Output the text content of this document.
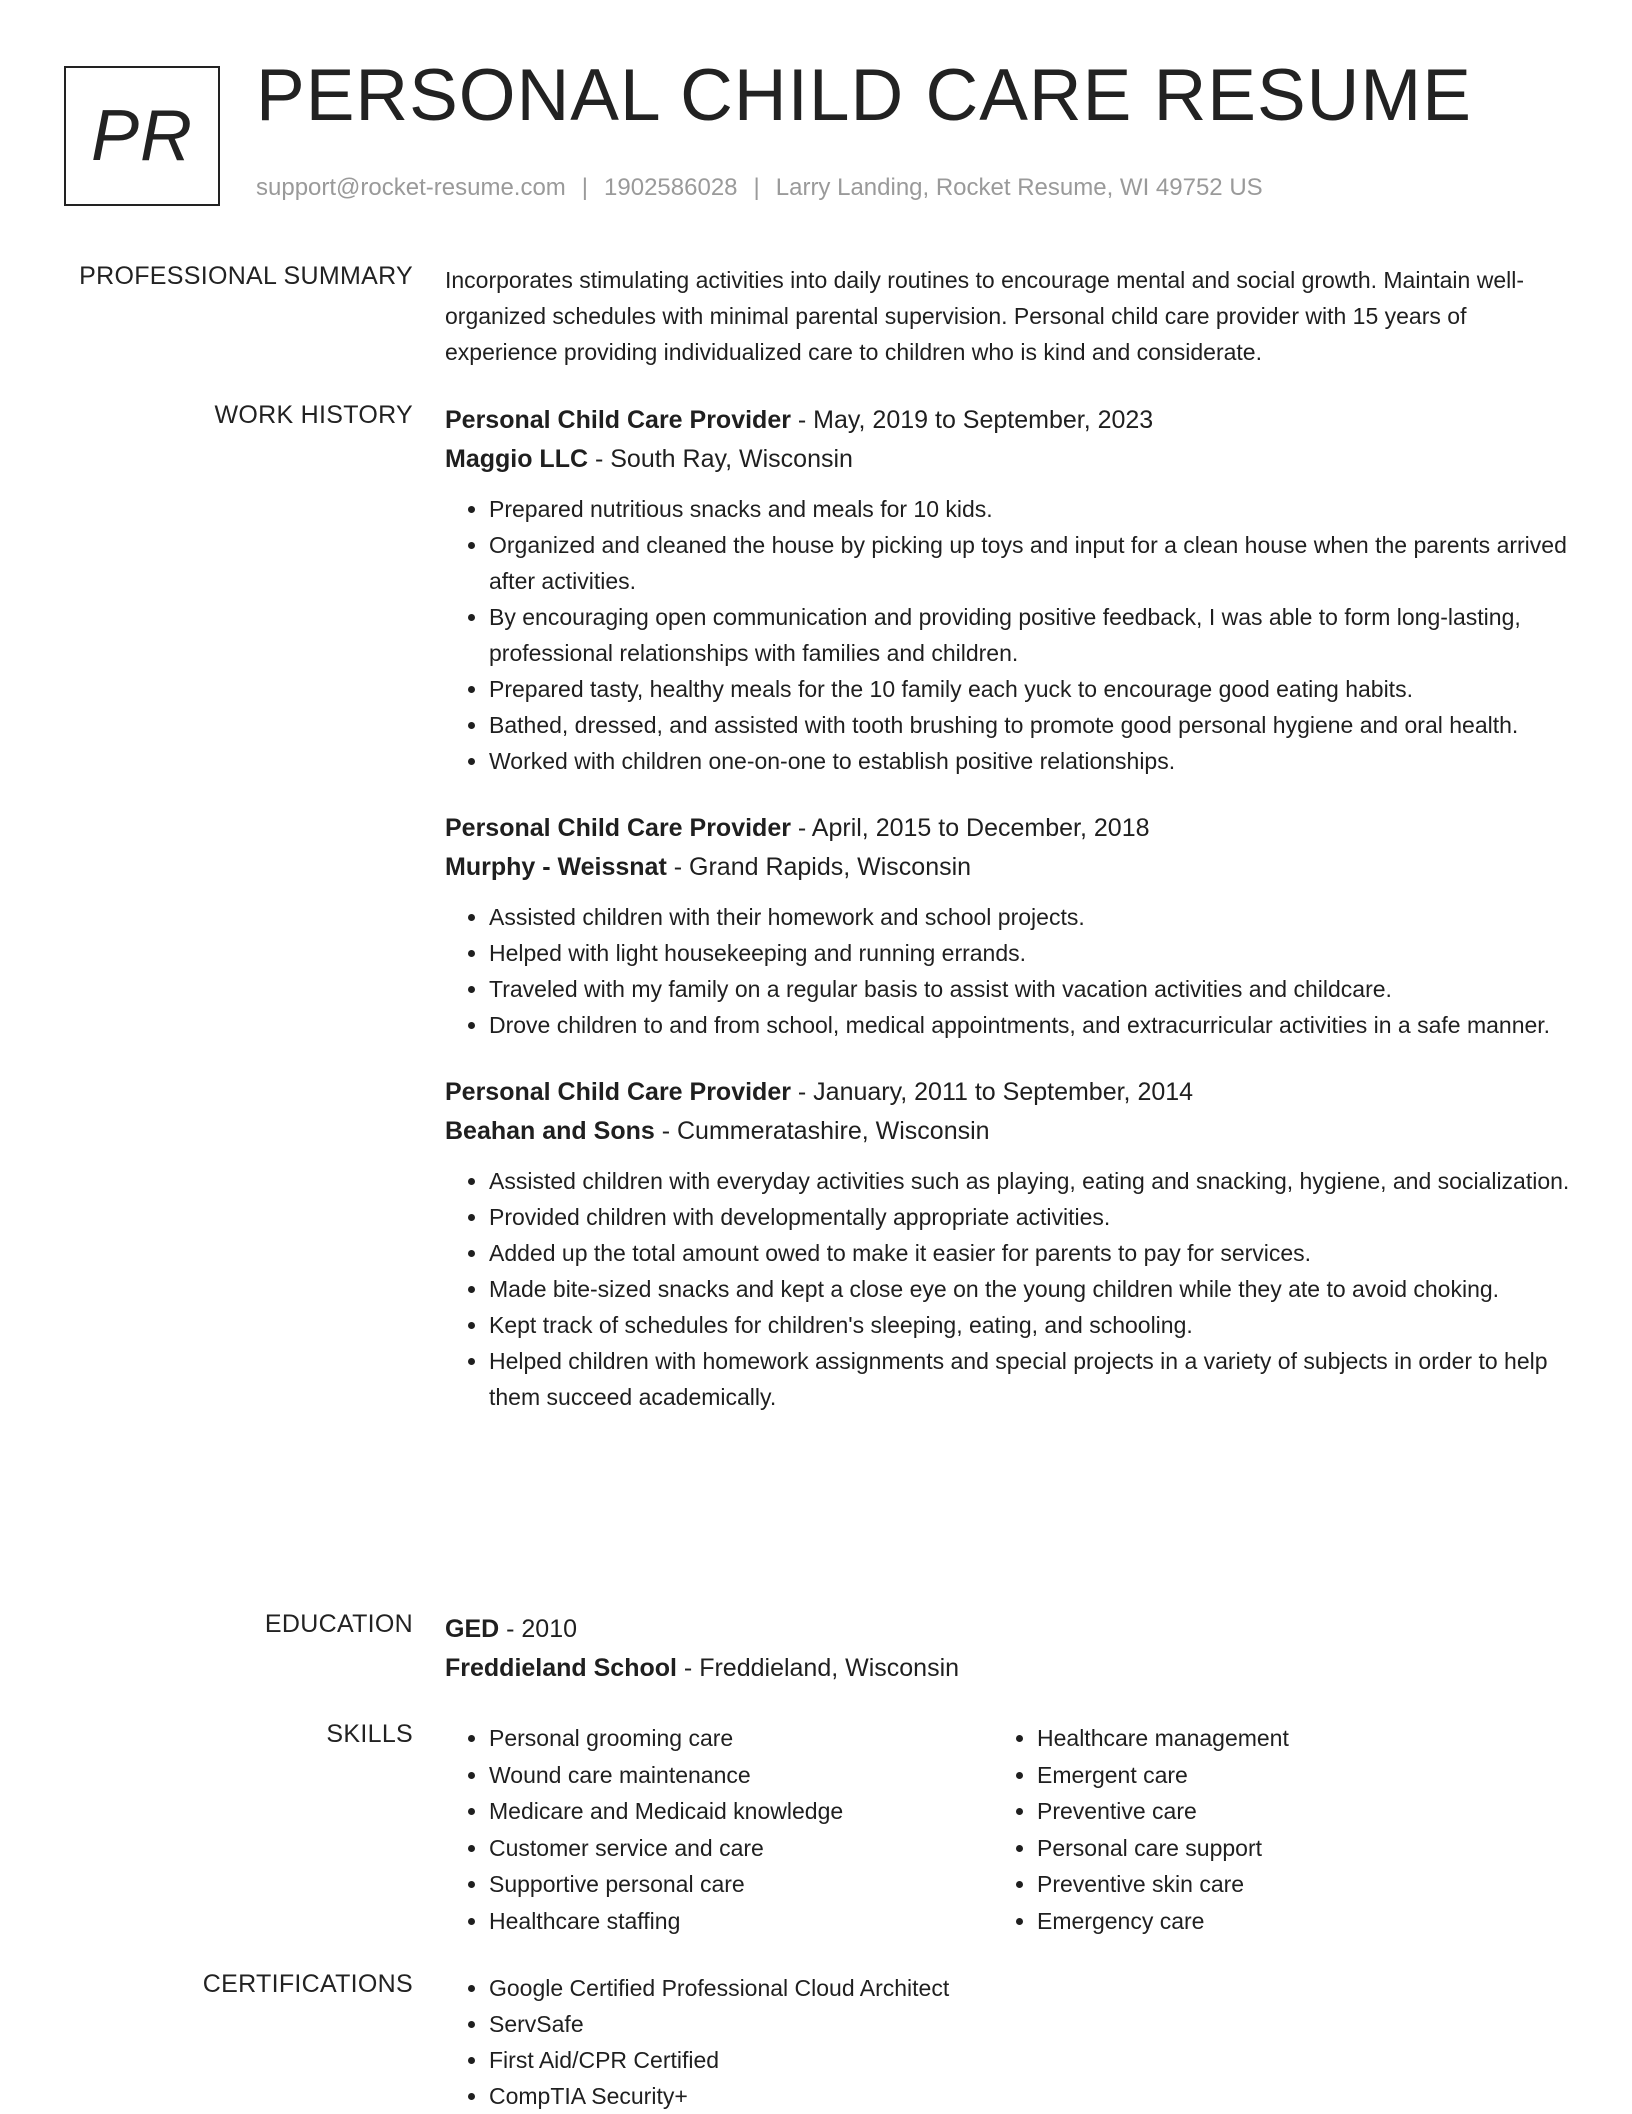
PR PERSONAL CHILD CARE RESUME
support@rocket-resume.com | 1902586028 | Larry Landing, Rocket Resume, WI 49752 US
PROFESSIONAL SUMMARY Incorporates stimulating activities into daily routines to encourage mental and social growth. Maintain well-organized schedules with minimal parental supervision. Personal child care provider with 15 years of experience providing individualized care to children who is kind and considerate.

WORK HISTORY Personal Child Care Provider - May, 2019 to September, 2023
Maggio LLC - South Ray, Wisconsin
• Prepared nutritious snacks and meals for 10 kids.
• Organized and cleaned the house by picking up toys and input for a clean house when the parents arrived after activities.
• By encouraging open communication and providing positive feedback, I was able to form long-lasting, professional relationships with families and children.
• Prepared tasty, healthy meals for the 10 family each yuck to encourage good eating habits.
• Bathed, dressed, and assisted with tooth brushing to promote good personal hygiene and oral health.
• Worked with children one-on-one to establish positive relationships.
Personal Child Care Provider - April, 2015 to December, 2018
Murphy - Weissnat - Grand Rapids, Wisconsin
• Assisted children with their homework and school projects.
• Helped with light housekeeping and running errands.
• Traveled with my family on a regular basis to assist with vacation activities and childcare.
• Drove children to and from school, medical appointments, and extracurricular activities in a safe manner.
Personal Child Care Provider - January, 2011 to September, 2014
Beahan and Sons - Cummeratashire, Wisconsin
• Assisted children with everyday activities such as playing, eating and snacking, hygiene, and socialization.
• Provided children with developmentally appropriate activities.
• Added up the total amount owed to make it easier for parents to pay for services.
• Made bite-sized snacks and kept a close eye on the young children while they ate to avoid choking.
• Kept track of schedules for children's sleeping, eating, and schooling.
• Helped children with homework assignments and special projects in a variety of subjects in order to help them succeed academically.
EDUCATION GED - 2010
Freddieland School - Freddieland, Wisconsin
SKILLS	• Personal grooming care
• Wound care maintenance
• Medicare and Medicaid knowledge
• Customer service and care
• Supportive personal care
• Healthcare staffing
• Healthcare management
• Emergent care
• Preventive care
• Personal care support
• Preventive skin care
• Emergency care
CERTIFICATIONS	• Google Certified Professional Cloud Architect
• ServSafe
• First Aid/CPR Certified
• CompTIA Security+
